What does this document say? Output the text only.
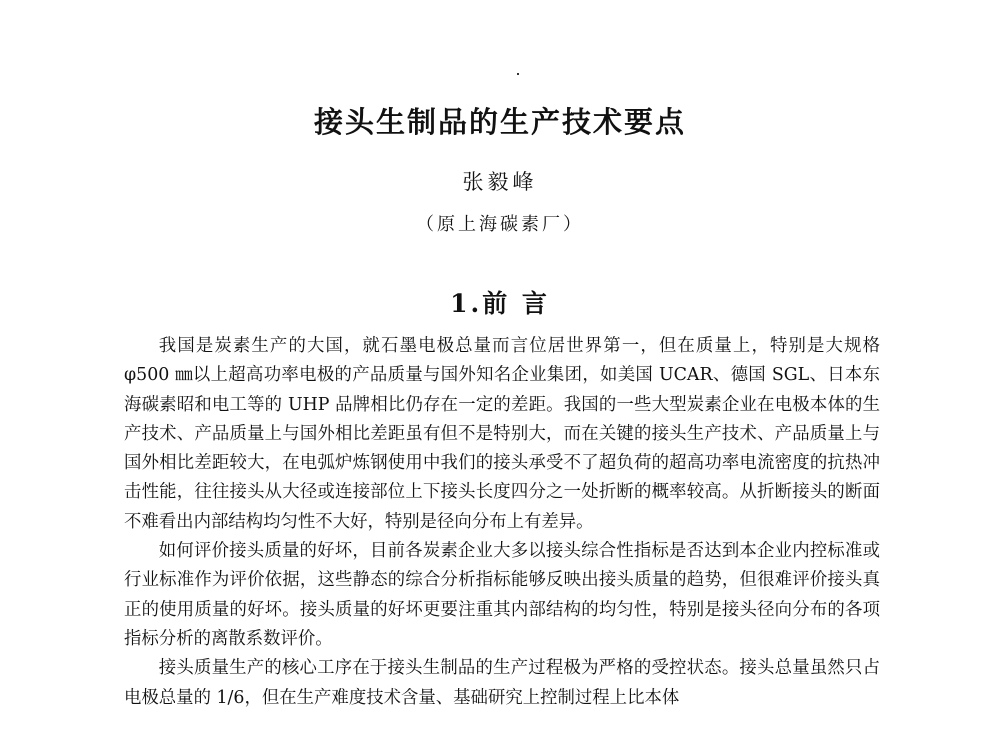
接头生制品的生产技术要点
张毅峰
（原上海碳素厂）
1.前 言

我国是炭素生产的大国，就石墨电极总量而言位居世界第一，但在质量上，特别是大规格 φ500 ㎜以上超高功率电极的产品质量与国外知名企业集团，如美国 UCAR、德国 SGL、日本东海碳素昭和电工等的 UHP 品牌相比仍存在一定的差距。我国的一些大型炭素企业在电极本体的生产技术、产品质量上与国外相比差距虽有但不是特别大，而在关键的接头生产技术、产品质量上与国外相比差距较大，在电弧炉炼钢使用中我们的接头承受不了超负荷的超高功率电流密度的抗热冲击性能，往往接头从大径或连接部位上下接头长度四分之一处折断的概率较高。从折断接头的断面不难看出内部结构均匀性不大好，特别是径向分布上有差异。

如何评价接头质量的好坏，目前各炭素企业大多以接头综合性指标是否达到本企业内控标准或行业标准作为评价依据，这些静态的综合分析指标能够反映出接头质量的趋势，但很难评价接头真正的使用质量的好坏。接头质量的好坏更要注重其内部结构的均匀性，特别是接头径向分布的各项指标分析的离散系数评价。

接头质量生产的核心工序在于接头生制品的生产过程极为严格的受控状态。接头总量虽然只占电极总量的 1/6，但在生产难度技术含量、基础研究上控制过程上比本体
